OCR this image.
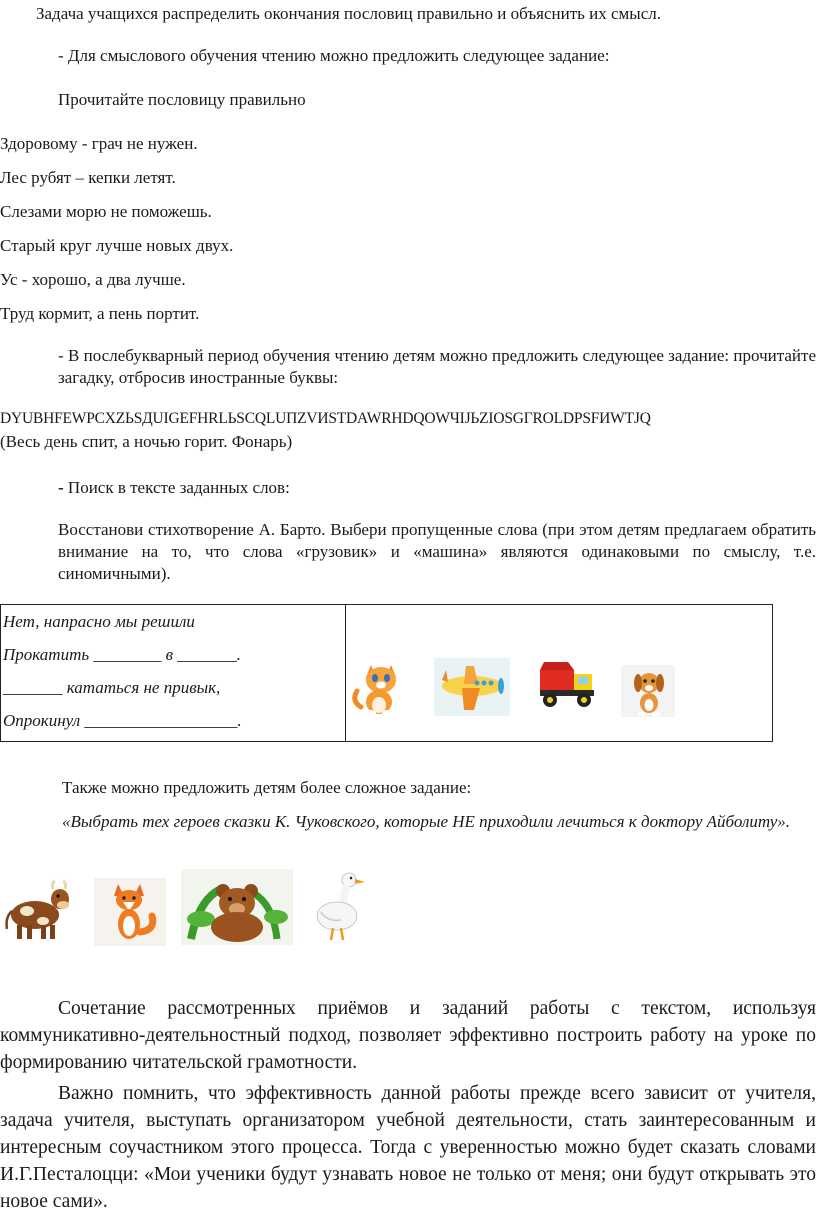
Задача учащихся распределить окончания пословиц правильно и объяснить их смысл.
- Для смыслового обучения чтению можно предложить следующее задание:
Прочитайте пословицу правильно
Здоровому - грач не нужен.
Лес рубят – кепки летят.
Слезами морю не поможешь.
Старый круг лучше новых двух.
Ус - хорошо, а два лучше.
Труд кормит, а пень портит.
- В послебукварный период обучения чтению детям можно предложить следующее задание: прочитайте загадку, отбросив иностранные буквы:
DYUBHFEWPCXZЬSДUIGEFHRLЬSCQLUПZVИSTDAWRHDQOWЧIJЬZIOSGГROLDPSFИWTJQ
(Весь день спит, а ночью горит. Фонарь)
- Поиск в тексте заданных слов:
Восстанови стихотворение А. Барто. Выбери пропущенные слова (при этом детям предлагаем обратить внимание на то, что слова «грузовик» и «машина» являются одинаковыми по смыслу, т.е. синомичными).
Нет, напрасно мы решили
Прокатить ________ в _______.
_______ кататься не привык,
Опрокинул __________________.

Также можно предложить детям более сложное задание:
«Выбрать тех героев сказки К. Чуковского, которые НЕ приходили лечиться к доктору Айболиту».
Сочетание рассмотренных приёмов и заданий работы с текстом, используя коммуникативно-деятельностный подход, позволяет эффективно построить работу на уроке по формированию читательской грамотности.
Важно помнить, что эффективность данной работы прежде всего зависит от учителя, задача учителя, выступать организатором учебной деятельности, стать заинтересованным и интересным соучастником этого процесса. Тогда с уверенностью можно будет сказать словами И.Г.Песталоцци: «Мои ученики будут узнавать новое не только от меня; они будут открывать это новое сами».
